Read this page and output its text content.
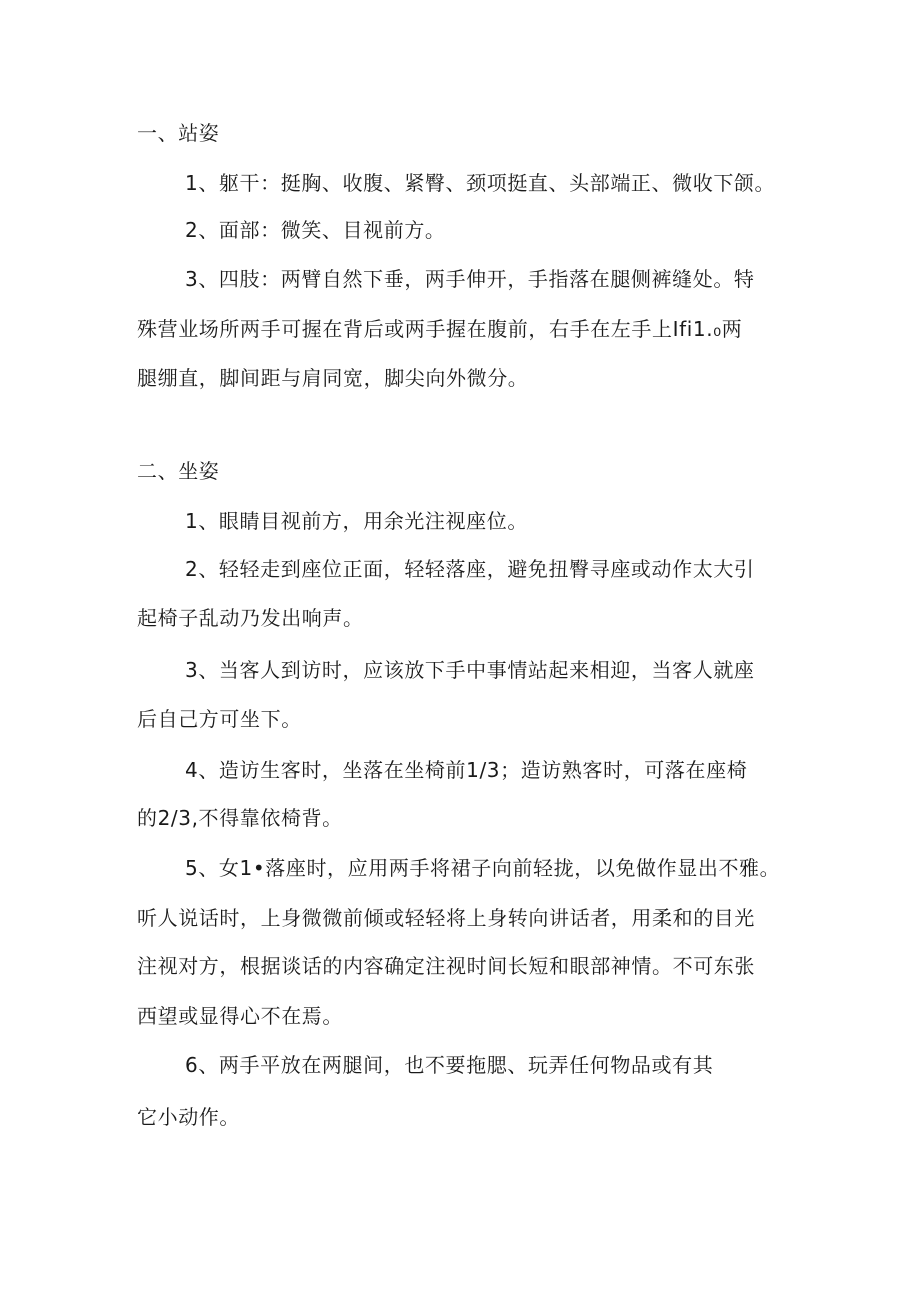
一、站姿
1、躯干：挺胸、收腹、紧臀、颈项挺直、头部端正、微收下颌。
2、面部：微笑、目视前方。
3、四肢：两臂自然下垂，两手伸开，手指落在腿侧裤缝处。特
殊营业场所两手可握在背后或两手握在腹前，右手在左手上Ifi1.₀两
腿绷直，脚间距与肩同宽，脚尖向外微分。
二、坐姿
1、眼睛目视前方，用余光注视座位。
2、轻轻走到座位正面，轻轻落座，避免扭臀寻座或动作太大引
起椅子乱动乃发出响声。
3、当客人到访时，应该放下手中事情站起来相迎，当客人就座
后自己方可坐下。
4、造访生客时，坐落在坐椅前1/3；造访熟客时，可落在座椅
的2/3,不得靠依椅背。
5、女1•落座时，应用两手将裙子向前轻拢，以免做作显出不雅。
听人说话时，上身微微前倾或轻轻将上身转向讲话者，用柔和的目光
注视对方，根据谈话的内容确定注视时间长短和眼部神情。不可东张
西望或显得心不在焉。
6、两手平放在两腿间，也不要拖腮、玩弄任何物品或有其
它小动作。
